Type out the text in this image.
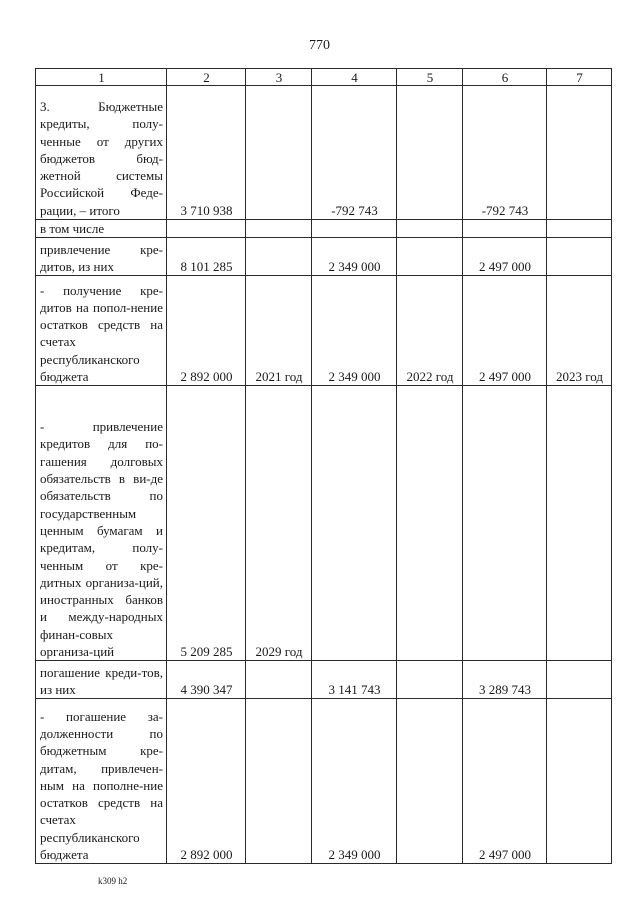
770
1	2	3	4	5	6	7
3. Бюджетные кредиты, полу-ченные от других бюджетов бюд-жетной системы Российской Феде-рации, – итого	3 710 938		-792 743		-792 743	
в том числе						
привлечение кре-дитов, из них	8 101 285		2 349 000		2 497 000	
- получение кре-дитов на попол-нение остатков средств на счетах республиканского бюджета	2 892 000	2021 год	2 349 000	2022 год	2 497 000	2023 год
- привлечение кредитов для по-гашения долговых обязательств в ви-де обязательств по государственным ценным бумагам и кредитам, полу-ченным от кре-дитных организа-ций, иностранных банков и между-народных финан-совых организа-ций	5 209 285	2029 год				
погашение креди-тов, из них	4 390 347		3 141 743		3 289 743	
- погашение за-долженности по бюджетным кре-дитам, привлечен-ным на пополне-ние остатков средств на счетах республиканского бюджета	2 892 000		2 349 000		2 497 000	
k309 h2
